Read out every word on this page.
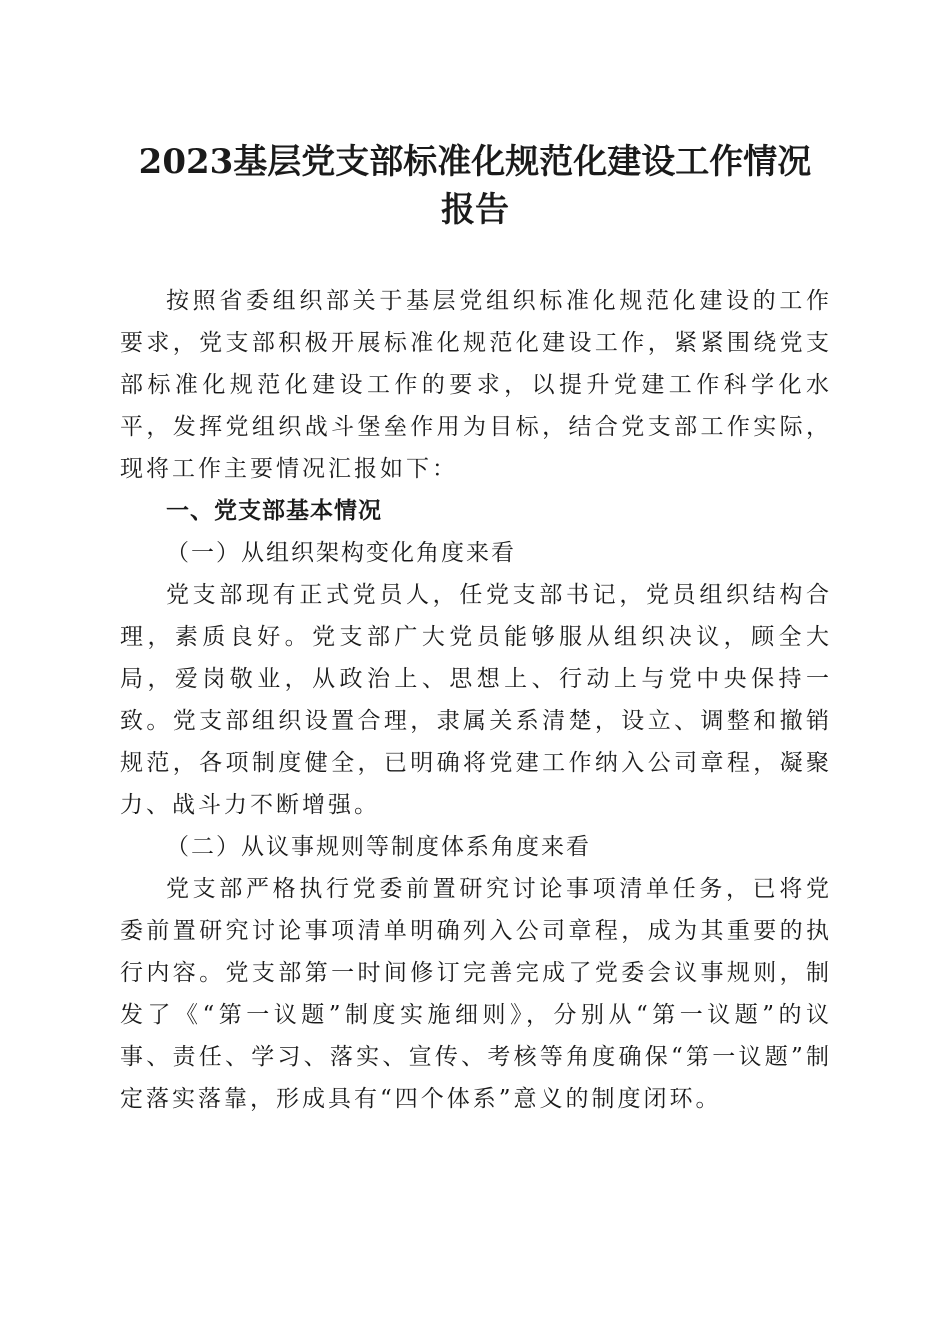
2023基层党支部标准化规范化建设工作情况
报告

按照省委组织部关于基层党组织标准化规范化建设的工作要求，党支部积极开展标准化规范化建设工作，紧紧围绕党支部标准化规范化建设工作的要求，以提升党建工作科学化水平，发挥党组织战斗堡垒作用为目标，结合党支部工作实际，现将工作主要情况汇报如下：

一、党支部基本情况

（一）从组织架构变化角度来看

党支部现有正式党员人，任党支部书记，党员组织结构合理，素质良好。党支部广大党员能够服从组织决议，顾全大局，爱岗敬业，从政治上、思想上、行动上与党中央保持一致。党支部组织设置合理，隶属关系清楚，设立、调整和撤销规范，各项制度健全，已明确将党建工作纳入公司章程，凝聚力、战斗力不断增强。

（二）从议事规则等制度体系角度来看

党支部严格执行党委前置研究讨论事项清单任务，已将党委前置研究讨论事项清单明确列入公司章程，成为其重要的执行内容。党支部第一时间修订完善完成了党委会议事规则，制发了《“第一议题”制度实施细则》，分别从“第一议题”的议事、责任、学习、落实、宣传、考核等角度确保“第一议题”制定落实落靠，形成具有“四个体系”意义的制度闭环。
